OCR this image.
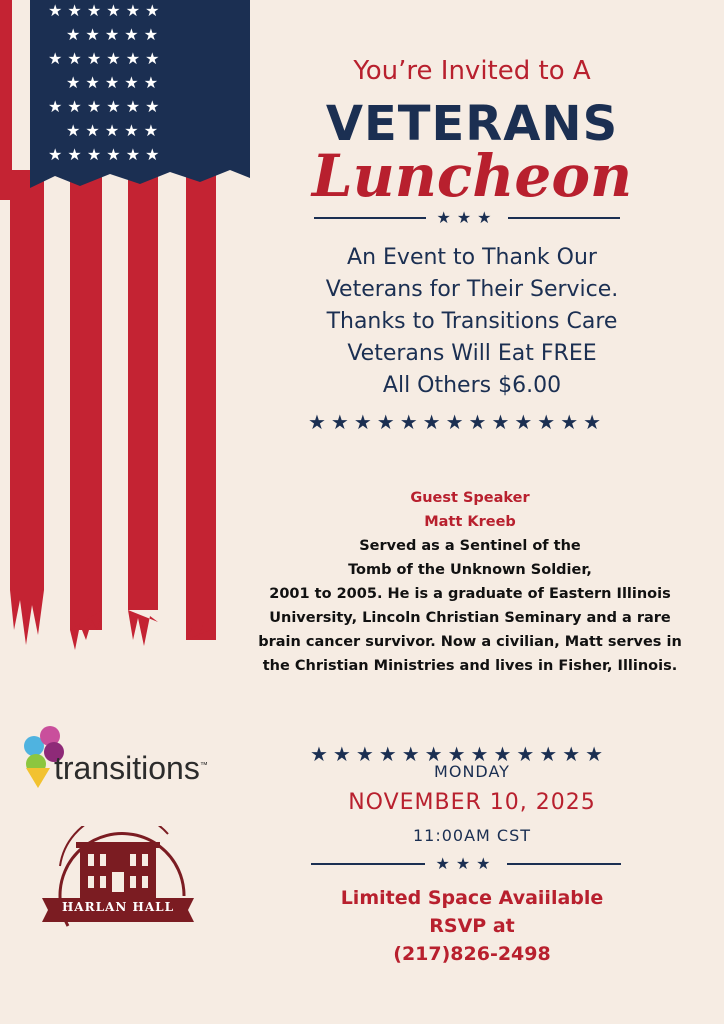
★ ★ ★ ★ ★ ★
★ ★ ★ ★ ★
★ ★ ★ ★ ★ ★
★ ★ ★ ★ ★
★ ★ ★ ★ ★ ★
★ ★ ★ ★ ★
★ ★ ★ ★ ★ ★
You’re Invited to A
VETERANS
Luncheon
★★★
An Event to Thank Our
Veterans for Their Service.
Thanks to Transitions Care
Veterans Will Eat FREE
All Others $6.00
★★★★★★★★★★★★★
Guest Speaker
Matt Kreeb
Served as a Sentinel of the
Tomb of the Unknown Soldier,
2001 to 2005. He is a graduate of Eastern Illinois
University, Lincoln Christian Seminary and a rare
brain cancer survivor. Now a civilian, Matt serves in
the Christian Ministries and lives in Fisher, Illinois.
★★★★★★★★★★★★★
MONDAY
NOVEMBER 10, 2025
11:00AM CST
★★★
Limited Space Avaiilable
RSVP at
(217)826-2498
transitions™
HARLAN HALL
